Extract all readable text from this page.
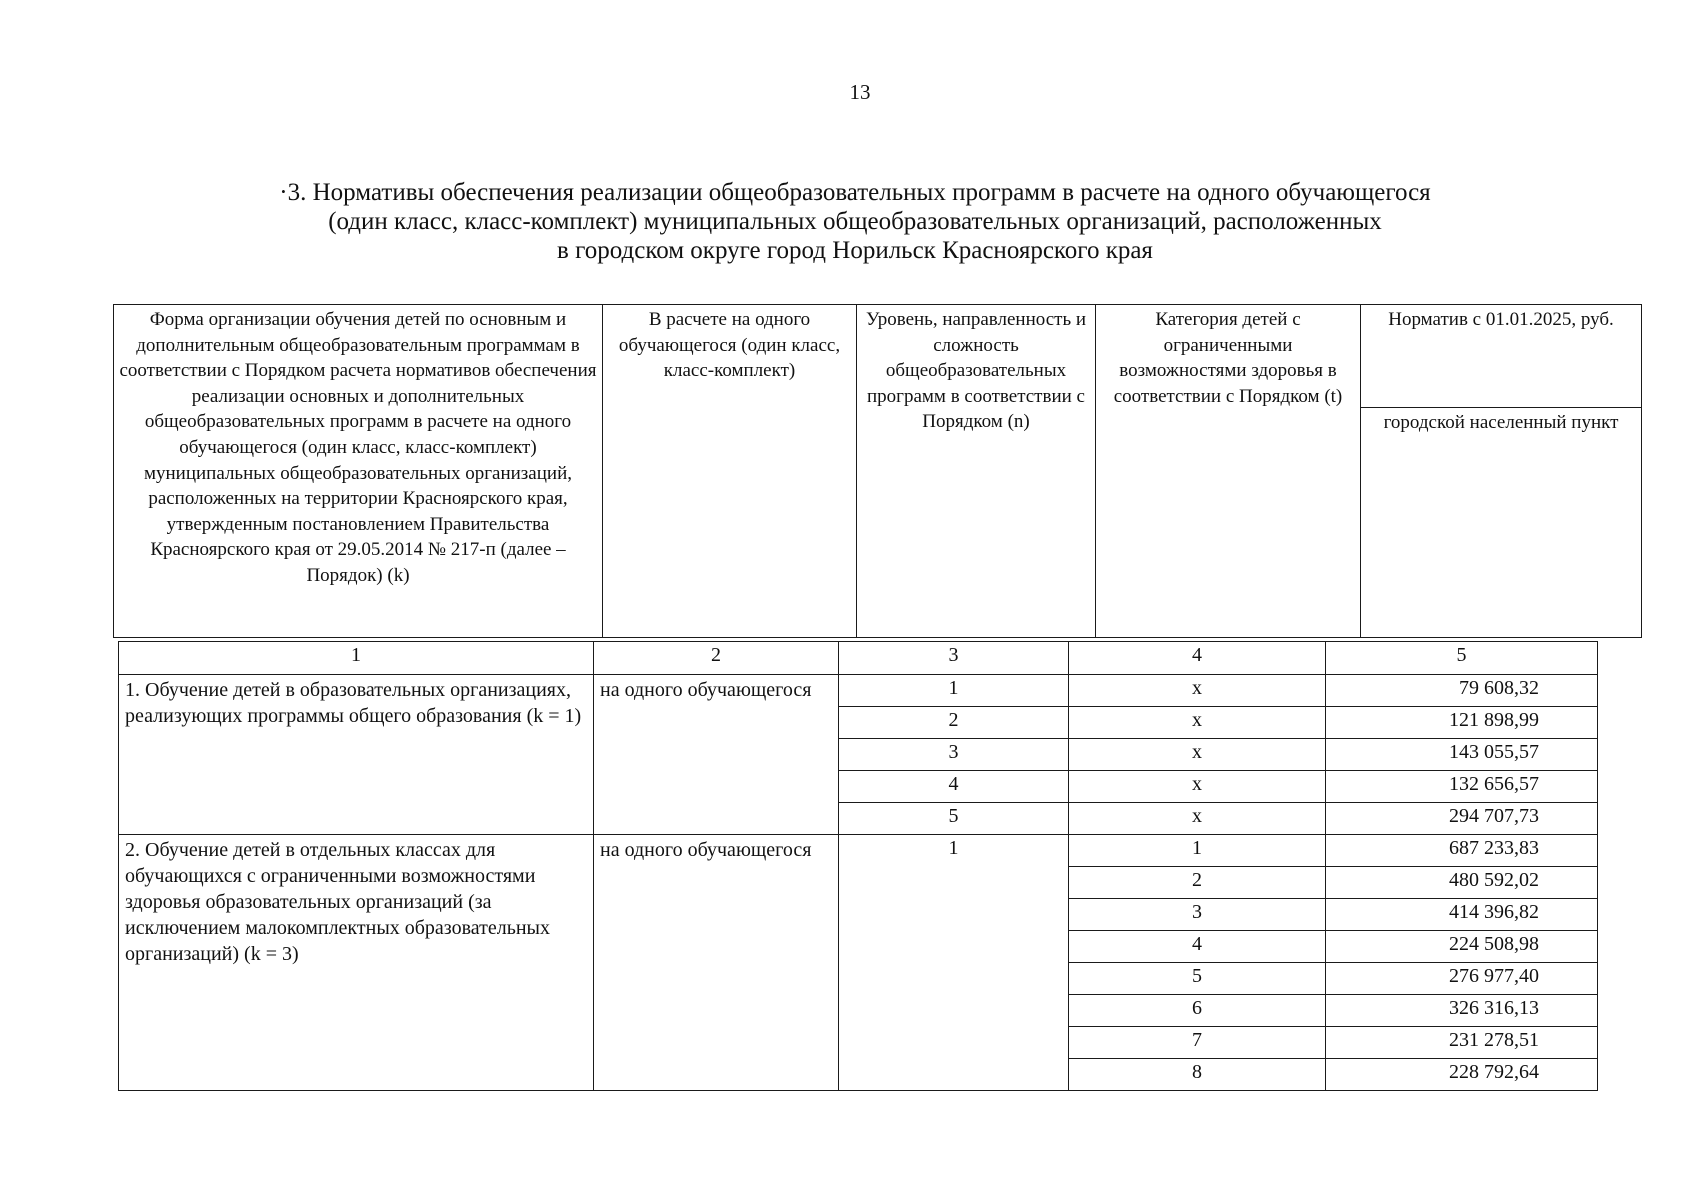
13
·3. Нормативы обеспечения реализации общеобразовательных программ в расчете на одного обучающегося
(один класс, класс-комплект) муниципальных общеобразовательных организаций, расположенных
в городском округе город Норильск Красноярского края
Форма организации обучения детей по основным и дополнительным общеобразовательным программам в соответствии с Порядком расчета нормативов обеспечения реализации основных и дополнительных общеобразовательных программ в расчете на одного обучающегося (один класс, класс-комплект) муниципальных общеобразовательных организаций, расположенных на территории Красноярского края, утвержденным постановлением Правительства Красноярского края от 29.05.2014 № 217-п (далее – Порядок) (k)	В расчете на одного обучающегося (один класс, класс-комплект)	Уровень, направленность и сложность общеобразовательных программ в соответствии с Порядком (n)	Категория детей с ограниченными возможностями здоровья в соответствии с Порядком (t)	Норматив с 01.01.2025, руб.
городской населенный пункт
1	2	3	4	5
1. Обучение детей в образовательных организациях, реализующих программы общего образования (k = 1)	на одного обучающегося	1	х	79 608,32
		2	х	121 898,99
		3	х	143 055,57
		4	х	132 656,57
		5	х	294 707,73
2. Обучение детей в отдельных классах для обучающихся с ограниченными возможностями здоровья образовательных организаций (за исключением малокомплектных образовательных организаций) (k = 3)	на одного обучающегося	1	1	687 233,83
			2	480 592,02
			3	414 396,82
			4	224 508,98
			5	276 977,40
			6	326 316,13
			7	231 278,51
			8	228 792,64
